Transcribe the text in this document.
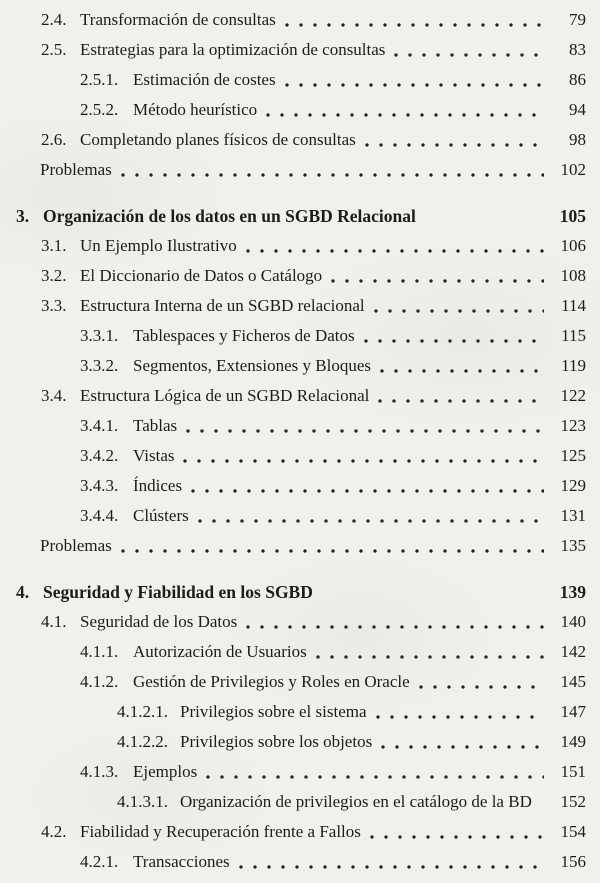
2.4. Transformación de consultas	79
2.5. Estrategias para la optimización de consultas	83
2.5.1. Estimación de costes	86
2.5.2. Método heurístico	94
2.6. Completando planes físicos de consultas	98
Problemas	102
3. Organización de los datos en un SGBD Relacional	105
3.1. Un Ejemplo Ilustrativo	106
3.2. El Diccionario de Datos o Catálogo	108
3.3. Estructura Interna de un SGBD relacional	114
3.3.1. Tablespaces y Ficheros de Datos	115
3.3.2. Segmentos, Extensiones y Bloques	119
3.4. Estructura Lógica de un SGBD Relacional	122
3.4.1. Tablas	123
3.4.2. Vistas	125
3.4.3. Índices	129
3.4.4. Clústers	131
Problemas	135
4. Seguridad y Fiabilidad en los SGBD	139
4.1. Seguridad de los Datos	140
4.1.1. Autorización de Usuarios	142
4.1.2. Gestión de Privilegios y Roles en Oracle	145
4.1.2.1. Privilegios sobre el sistema	147
4.1.2.2. Privilegios sobre los objetos	149
4.1.3. Ejemplos	151
4.1.3.1. Organización de privilegios en el catálogo de la BD	152
4.2. Fiabilidad y Recuperación frente a Fallos	154
4.2.1. Transacciones	156
